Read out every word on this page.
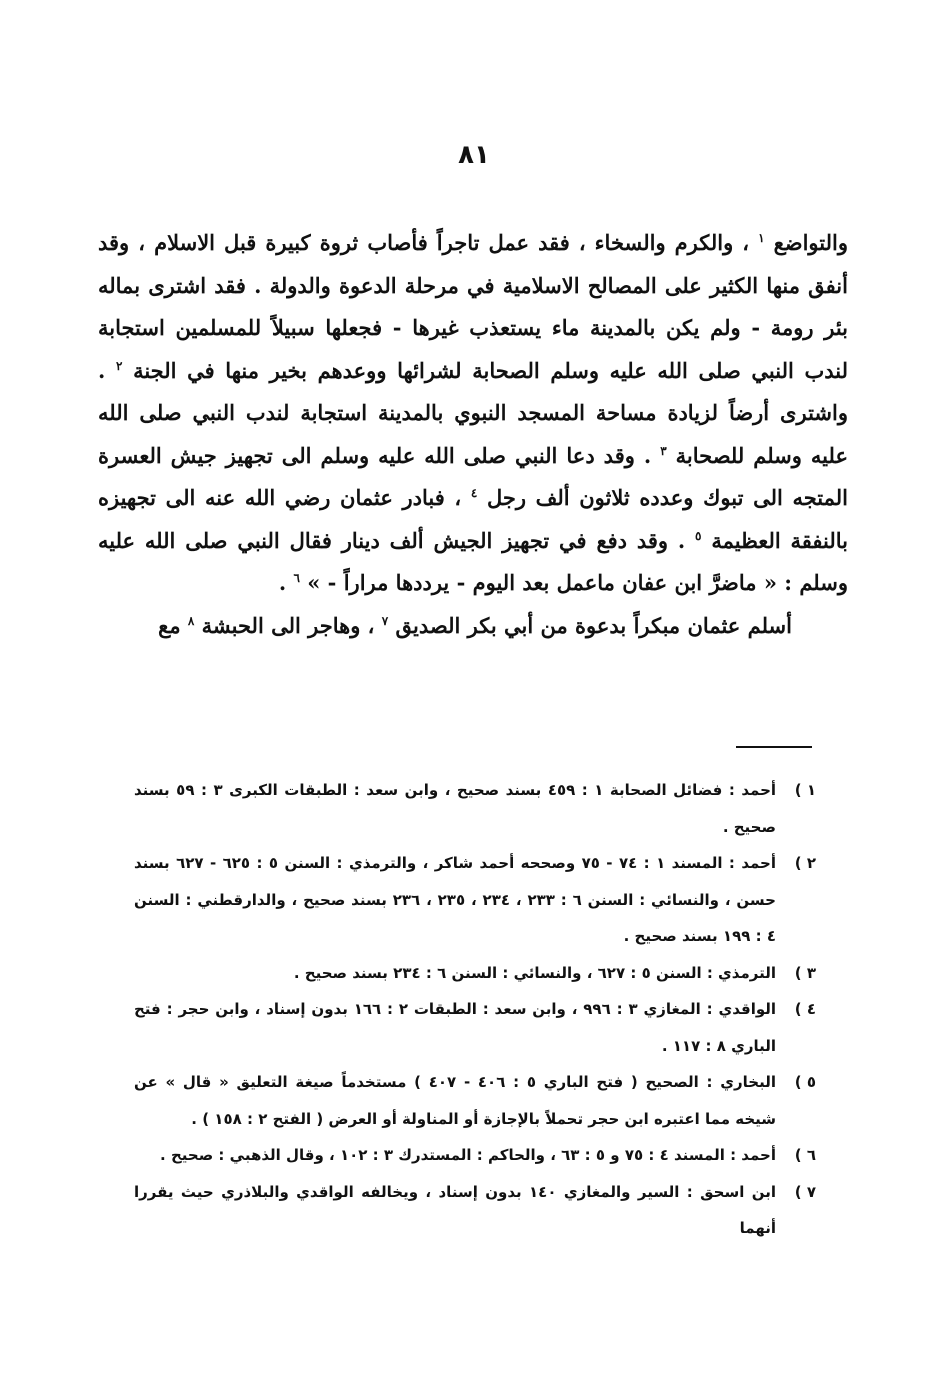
٨١

والتواضع $^١$ ، والكرم والسخاء ، فقد عمل تاجراً فأصاب ثروة كبيرة قبل الاسلام ، وقد أنفق منها الكثير على المصالح الاسلامية في مرحلة الدعوة والدولة . فقد اشترى بماله بئر رومة - ولم يكن بالمدينة ماء يستعذب غيرها - فجعلها سبيلاً للمسلمين استجابة لندب النبي صلى الله عليه وسلم الصحابة لشرائها ووعدهم بخير منها في الجنة $^٢$ . واشترى أرضاً لزيادة مساحة المسجد النبوي بالمدينة استجابة لندب النبي صلى الله عليه وسلم للصحابة $^٣$ . وقد دعا النبي صلى الله عليه وسلم الى تجهيز جيش العسرة المتجه الى تبوك وعدده ثلاثون ألف رجل $^٤$ ، فبادر عثمان رضي الله عنه الى تجهيزه بالنفقة العظيمة $^٥$ . وقد دفع في تجهيز الجيش ألف دينار فقال النبي صلى الله عليه وسلم : « ماضرَّ ابن عفان ماعمل بعد اليوم - يرددها مراراً - » $^٦$ .

أسلم عثمان مبكراً بدعوة من أبي بكر الصديق $^٧$ ، وهاجر الى الحبشة $^٨$ مع

١ )
أحمد : فضائل الصحابة ١ : ٤٥٩ بسند صحيح ، وابن سعد : الطبقات الكبرى ٣ : ٥٩ بسند صحيح .
٢ )
أحمد : المسند ١ : ٧٤ - ٧٥ وصححه أحمد شاكر ، والترمذي : السنن ٥ : ٦٢٥ - ٦٢٧ بسند حسن ، والنسائي : السنن ٦ : ٢٣٣ ، ٢٣٤ ، ٢٣٥ ، ٢٣٦ بسند صحيح ، والدارقطني : السنن ٤ : ١٩٩ بسند صحيح .
٣ )
الترمذي : السنن ٥ : ٦٢٧ ، والنسائي : السنن ٦ : ٢٣٤ بسند صحيح .
٤ )
الواقدي : المغازي ٣ : ٩٩٦ ، وابن سعد : الطبقات ٢ : ١٦٦ بدون إسناد ، وابن حجر : فتح الباري ٨ : ١١٧ .
٥ )
البخاري : الصحيح ( فتح الباري ٥ : ٤٠٦ - ٤٠٧ ) مستخدماً صيغة التعليق « قال » عن شيخه مما اعتبره ابن حجر تحملاً بالإجازة أو المناولة أو العرض ( الفتح ٢ : ١٥٨ ) .
٦ )
أحمد : المسند ٤ : ٧٥ و ٥ : ٦٣ ، والحاكم : المستدرك ٣ : ١٠٢ ، وقال الذهبي : صحيح .
٧ )
ابن اسحق : السير والمغازي ١٤٠ بدون إسناد ، ويخالفه الواقدي والبلاذري حيث يقررا أنهما
